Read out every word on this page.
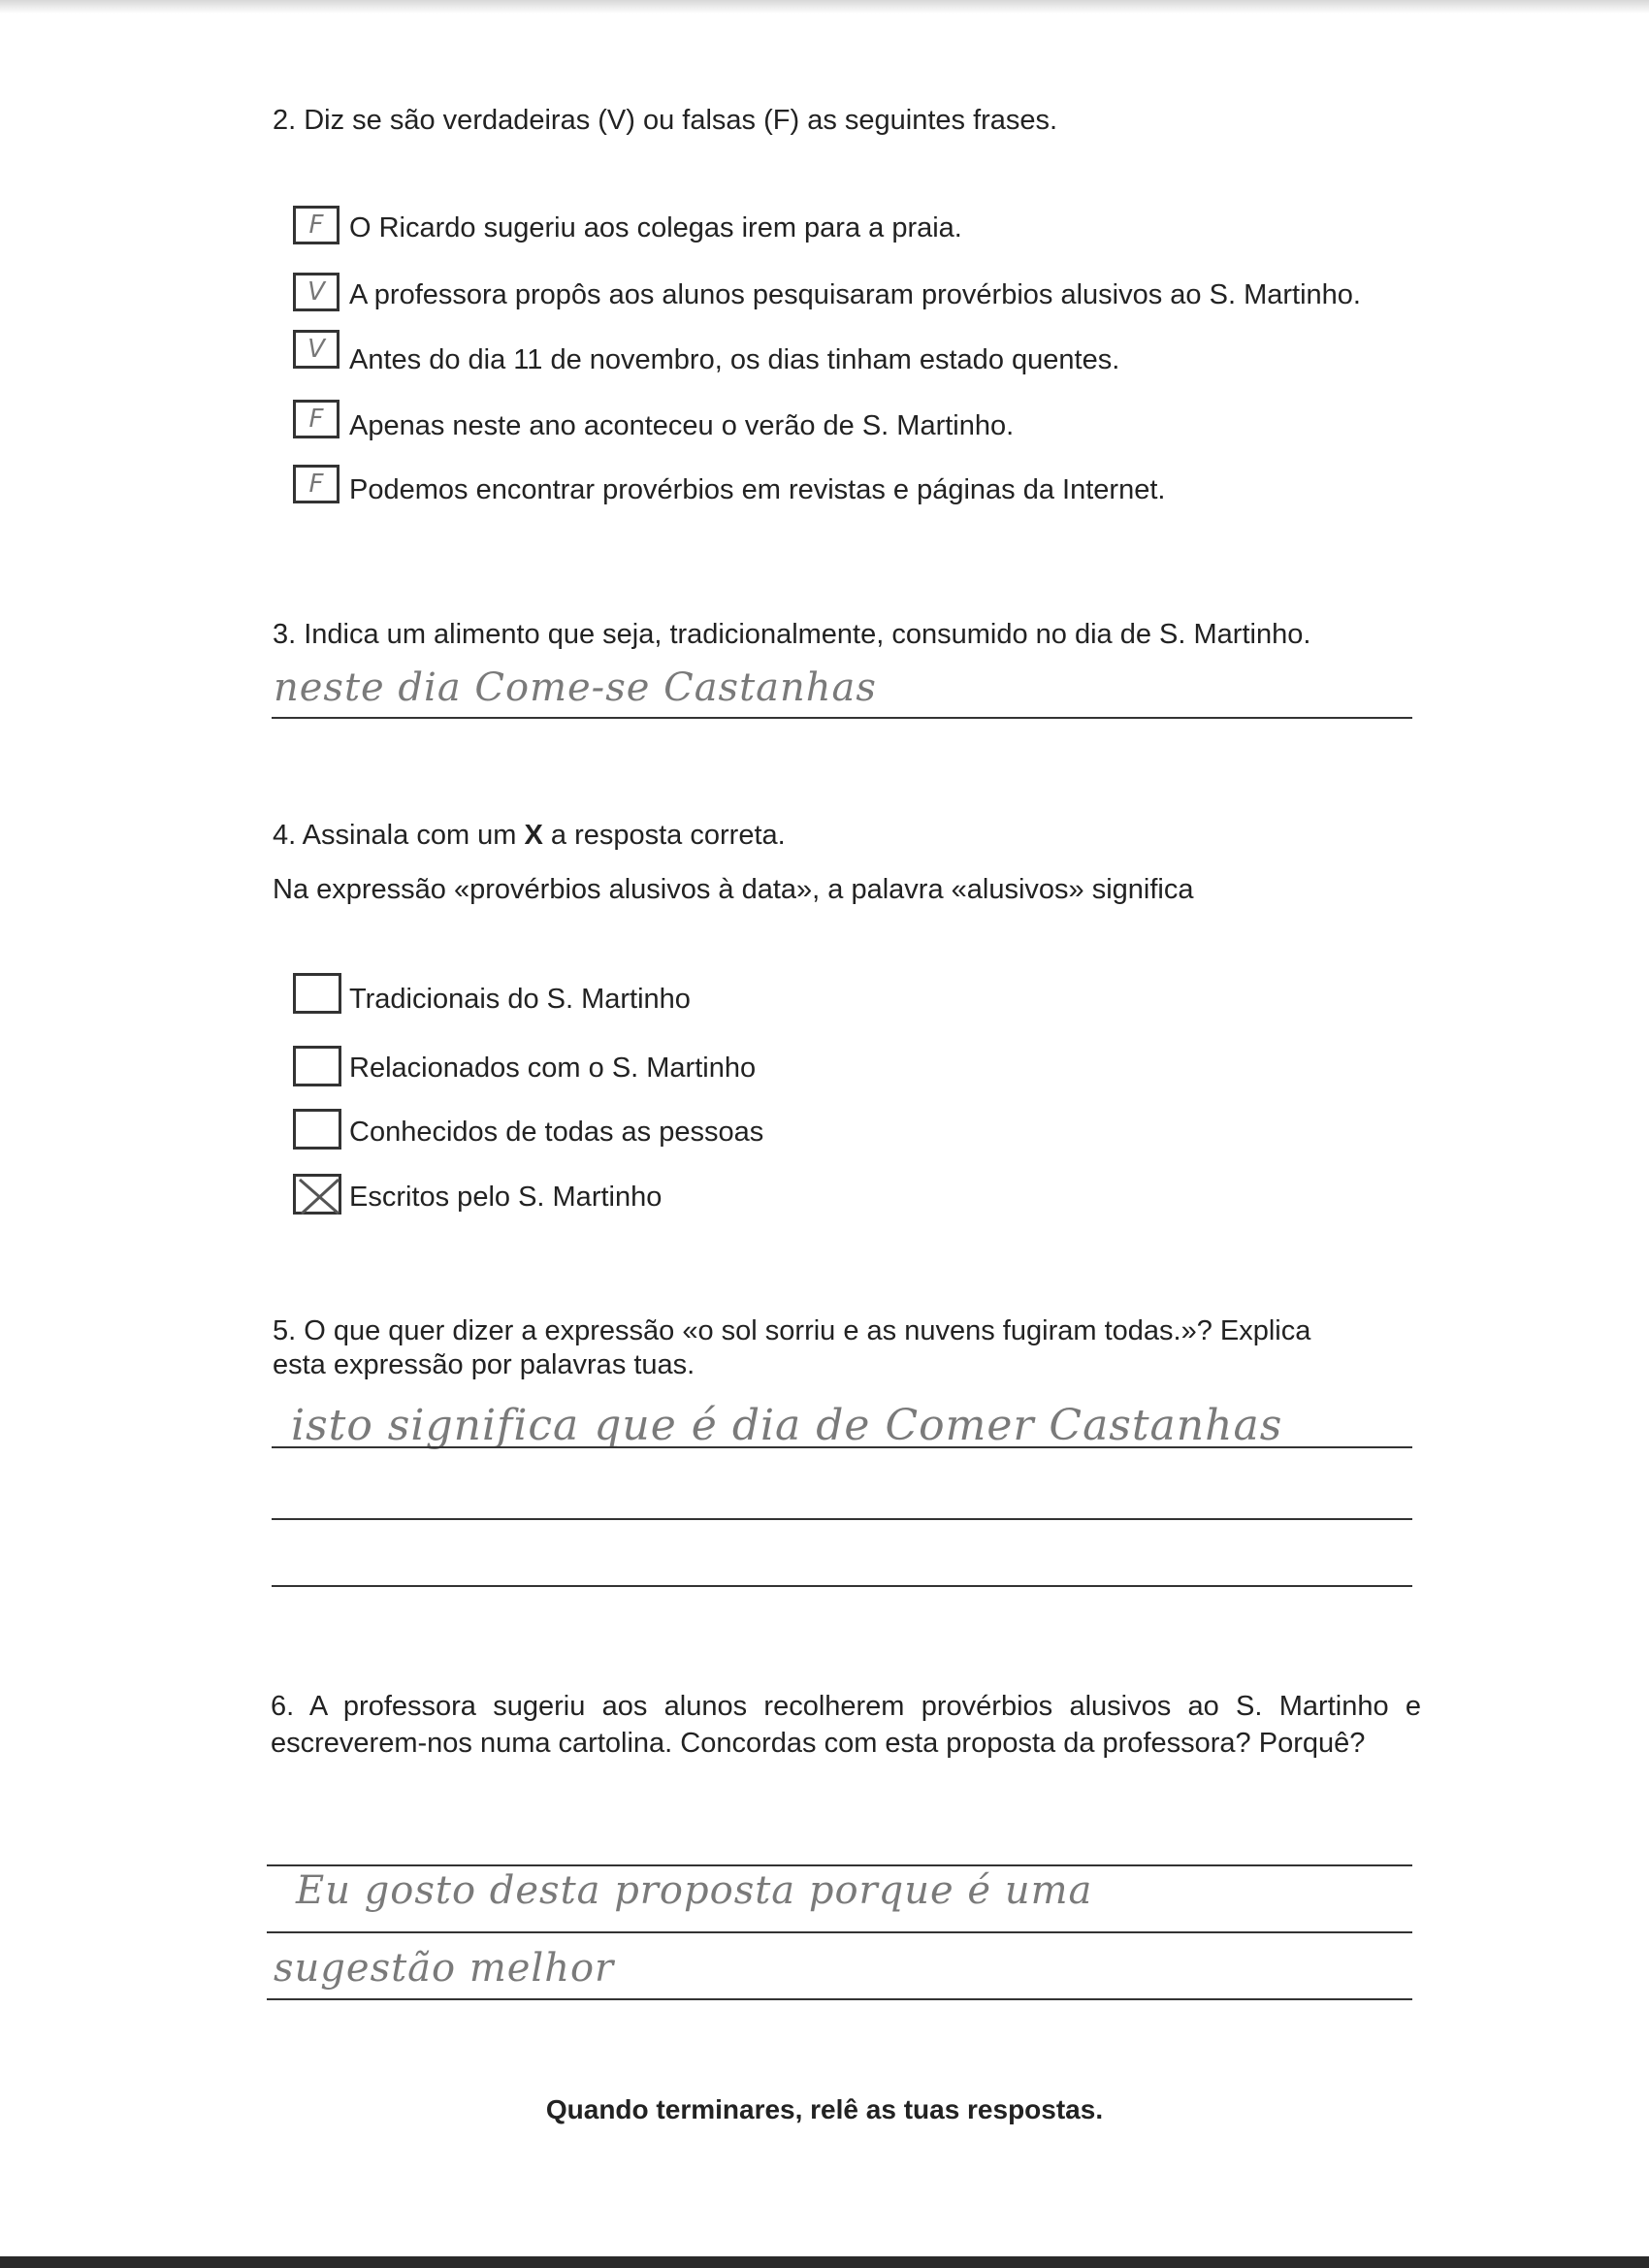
2. Diz se são verdadeiras (V) ou falsas (F) as seguintes frases.
F O Ricardo sugeriu aos colegas irem para a praia.
V A professora propôs aos alunos pesquisaram provérbios alusivos ao S. Martinho.
V Antes do dia 11 de novembro, os dias tinham estado quentes.
F Apenas neste ano aconteceu o verão de S. Martinho.
F Podemos encontrar provérbios em revistas e páginas da Internet.
3. Indica um alimento que seja, tradicionalmente, consumido no dia de S. Martinho.
neste dia Come-se Castanhas
4. Assinala com um X a resposta correta.
Na expressão «provérbios alusivos à data», a palavra «alusivos» significa
Tradicionais do S. Martinho
Relacionados com o S. Martinho
Conhecidos de todas as pessoas
Escritos pelo S. Martinho
5. O que quer dizer a expressão «o sol sorriu e as nuvens fugiram todas.»? Explica
esta expressão por palavras tuas.
isto significa que é dia de Comer Castanhas
6. A professora sugeriu aos alunos recolherem provérbios alusivos ao S. Martinho e escreverem-nos numa cartolina. Concordas com esta proposta da professora? Porquê?
Eu gosto desta proposta porque é uma
sugestão melhor
Quando terminares, relê as tuas respostas.
